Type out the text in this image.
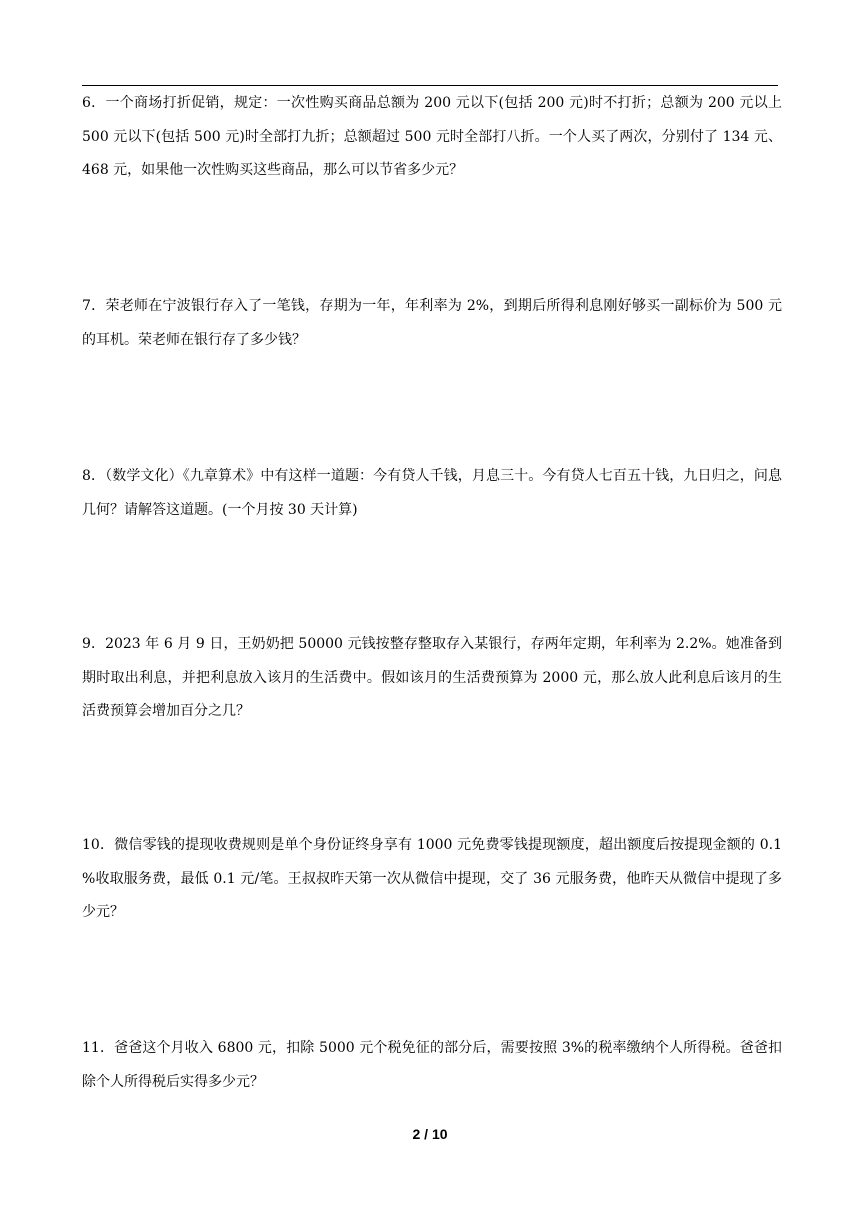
6．一个商场打折促销，规定：一次性购买商品总额为 200 元以下(包括 200 元)时不打折；总额为 200 元以上 500 元以下(包括 500 元)时全部打九折；总额超过 500 元时全部打八折。一个人买了两次，分别付了 134 元、468 元，如果他一次性购买这些商品，那么可以节省多少元？

7．荣老师在宁波银行存入了一笔钱，存期为一年，年利率为 2%，到期后所得利息刚好够买一副标价为 500 元的耳机。荣老师在银行存了多少钱？

8．（数学文化）《九章算术》中有这样一道题：今有贷人千钱，月息三十。今有贷人七百五十钱，九日归之，问息几何？请解答这道题。(一个月按 30 天计算)

9．2023 年 6 月 9 日，王奶奶把 50000 元钱按整存整取存入某银行，存两年定期，年利率为 2.2%。她准备到期时取出利息，并把利息放入该月的生活费中。假如该月的生活费预算为 2000 元，那么放人此利息后该月的生活费预算会增加百分之几？

10．微信零钱的提现收费规则是单个身份证终身享有 1000 元免费零钱提现额度，超出额度后按提现金额的 0.1 %收取服务费，最低 0.1 元/笔。王叔叔昨天第一次从微信中提现，交了 36 元服务费，他昨天从微信中提现了多少元？

11．爸爸这个月收入 6800 元，扣除 5000 元个税免征的部分后，需要按照 3%的税率缴纳个人所得税。爸爸扣除个人所得税后实得多少元？

2 / 10
